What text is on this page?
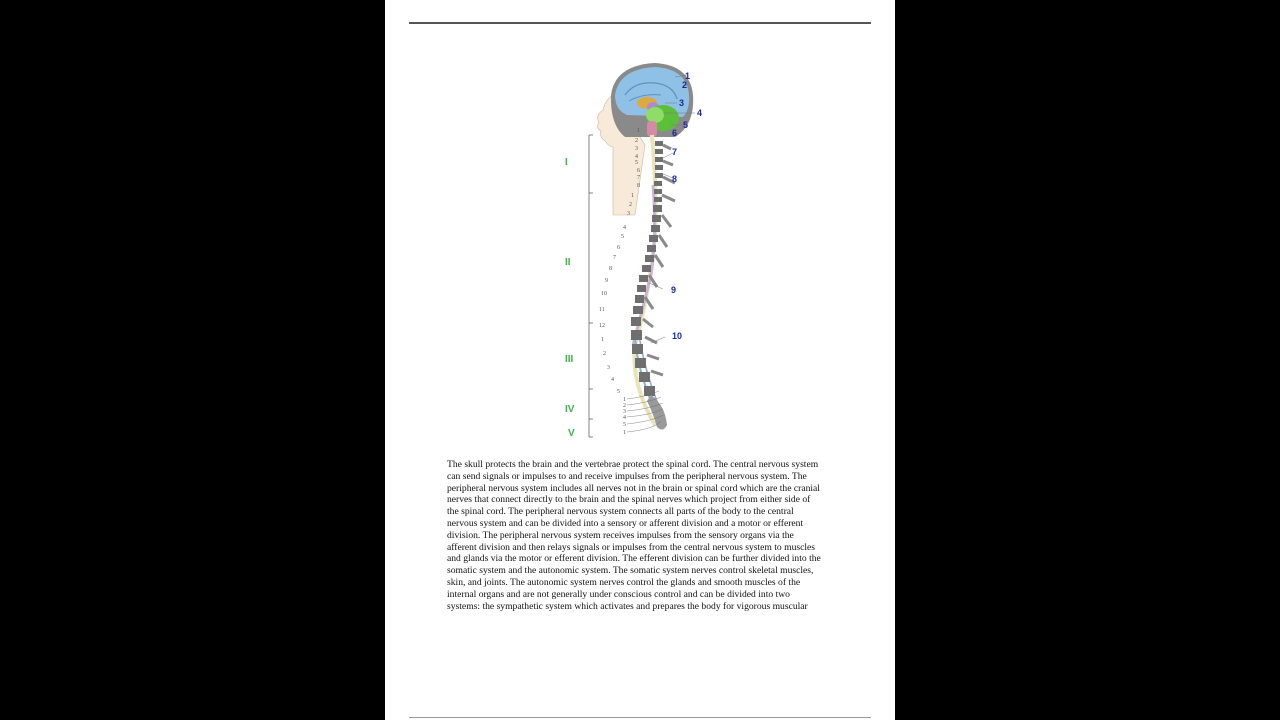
I
II
III
IV
V
1
2
3
4
5
6
7
8
9
10
1
2
3
4
5
6
7
8
1
2
3
4
5
6
7
8
9
10
11
12
1
2
3
4
5
1
2
3
4
5
1
The skull protects the brain and the vertebrae protect the spinal cord. The central nervous system
can send signals or impulses to and receive impulses from the peripheral nervous system. The
peripheral nervous system includes all nerves not in the brain or spinal cord which are the cranial
nerves that connect directly to the brain and the spinal nerves which project from either side of
the spinal cord. The peripheral nervous system connects all parts of the body to the central
nervous system and can be divided into a sensory or afferent division and a motor or efferent
division. The peripheral nervous system receives impulses from the sensory organs via the
afferent division and then relays signals or impulses from the central nervous system to muscles
and glands via the motor or efferent division. The efferent division can be further divided into the
somatic system and the autonomic system. The somatic system nerves control skeletal muscles,
skin, and joints. The autonomic system nerves control the glands and smooth muscles of the
internal organs and are not generally under conscious control and can be divided into two
systems: the sympathetic system which activates and prepares the body for vigorous muscular
